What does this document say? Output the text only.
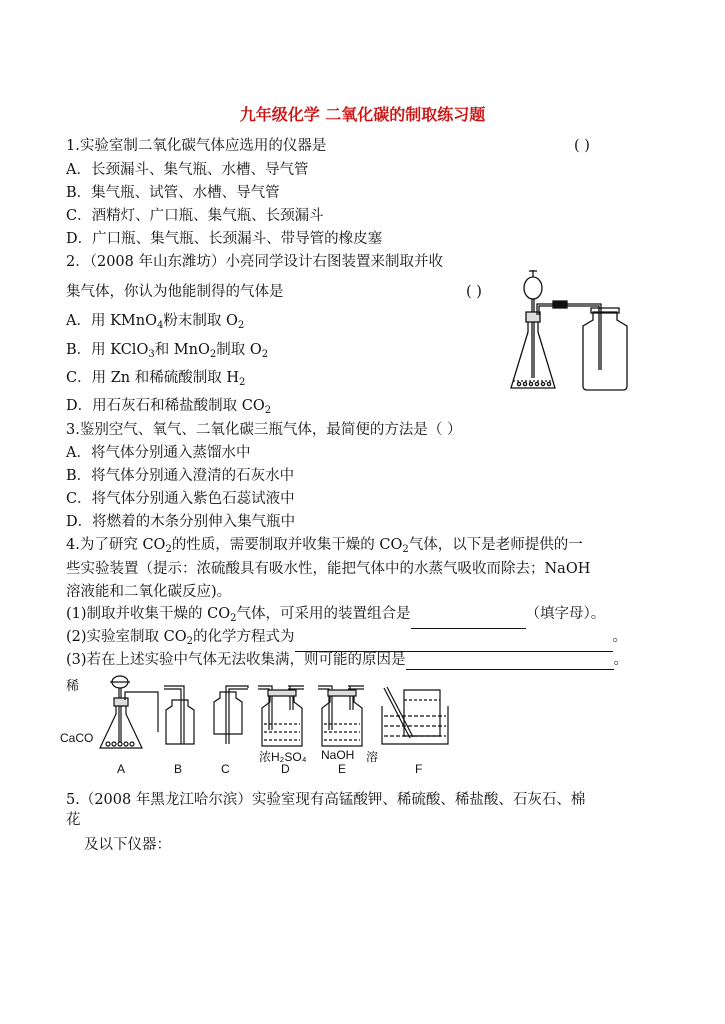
九年级化学 二氧化碳的制取练习题
1.实验室制二氧化碳气体应选用的仪器是	( )
A．长颈漏斗、集气瓶、水槽、导气管
B．集气瓶、试管、水槽、导气管
C．酒精灯、广口瓶、集气瓶、长颈漏斗
D．广口瓶、集气瓶、长颈漏斗、带导管的橡皮塞
2．（2008 年山东潍坊）小亮同学设计右图装置来制取并收
集气体，你认为他能制得的气体是	( )
A．用 KMnO$_4$粉末制取 $O_2$
B．用 KClO$_3$和 MnO$_2$制取 $O_2$
C．用 Zn 和稀硫酸制取 $H_2$
D．用石灰石和稀盐酸制取 $CO_2$
3.鉴别空气、氧气、二氧化碳三瓶气体，最简便的方法是（ ）
A．将气体分别通入蒸馏水中
B．将气体分别通入澄清的石灰水中
C．将气体分别通入紫色石蕊试液中
D．将燃着的木条分别伸入集气瓶中
4.为了研究 $CO_2$的性质，需要制取并收集干燥的 $CO_2$气体，以下是老师提供的一
些实验装置（提示：浓硫酸具有吸水性，能把气体中的水蒸气吸收而除去；NaOH
溶液能和二氧化碳反应)。
(1)制取并收集干燥的 $CO_2$气体，可采用的装置组合是	（填字母）。
(2)实验室制取 $CO_2$的化学方程式为	。
(3)若在上述实验中气体无法收集满，则可能的原因是	。
稀
CaCO
浓H₂SO₄ NaOH 溶
A	B	C	D	E	F
5.（2008 年黑龙江哈尔滨）实验室现有高锰酸钾、稀硫酸、稀盐酸、石灰石、棉
花
及以下仪器：
